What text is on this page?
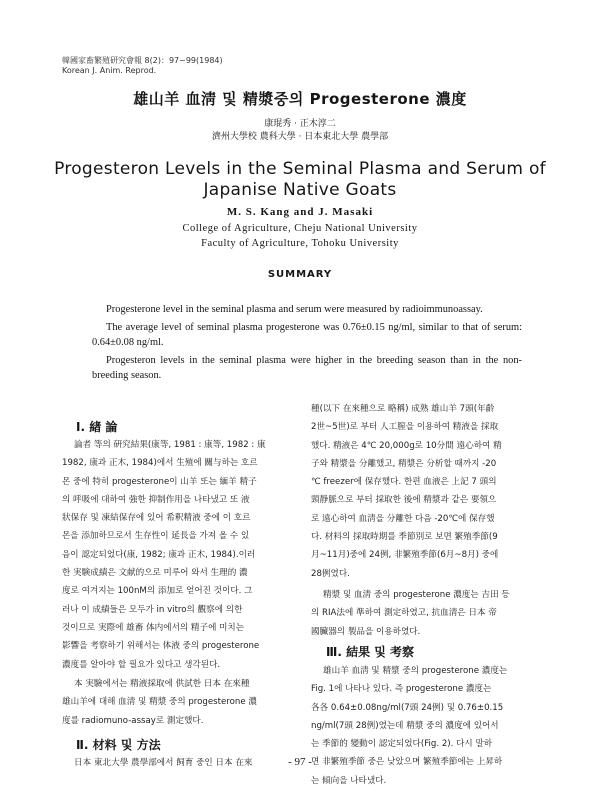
韓國家畜繁殖研究會報 8(2)：97~99(1984)
Korean J. Anim. Reprod.
雄山羊 血淸 및 精漿중의 Progesterone 濃度
康琨秀 · 正木淳二
濟州大學校 農科大學 · 日本東北大學 農學部
Progesteron Levels in the Seminal Plasma and Serum of
Japanise Native Goats
M. S. Kang and J. Masaki
College of Agriculture, Cheju National University
Faculty of Agriculture, Tohoku University
SUMMARY

Progesterone level in the seminal plasma and serum were measured by radioimmunoassay.

The average level of seminal plasma progesterone was 0.76±0.15 ng/ml, similar to that of serum: 0.64±0.08 ng/ml.

Progesteron levels in the seminal plasma were higher in the breeding season than in the non-breeding season.

Ⅰ. 緖 論
論者 等의 硏究結果(康等, 1981 : 康等, 1982 : 康
1982, 康과 正木, 1984)에서 生殖에 關与하는 호르
몬 중에 特히 progesterone이 山羊 또는 緬羊 精子
의 呼吸에 대하여 強한 抑制作用을 나타냈고 또 液
狀保存 및 凍結保存에 있어 希釈精液 중에 이 호르
몬을 添加하므로서 生存性이 延長을 가져 올 수 있
음이 認定되었다(康, 1982; 康과 正木, 1984).이러
한 実験成績은 文献的으로 미루어 와서 生理的 濃
度로 여겨지는 100nM의 添加로 얻어진 것이다. 그
러나 이 成績들은 모두가 in vitro의 觀察에 의한
것이므로 実際에 雄畜 体内에서의 精子에 미치는
影響을 考察하기 위해서는 体液 중의 progesterone
濃度를 알아야 할 필요가 있다고 생각된다.
本 実驗에서는 精液採取에 供試한 日本 在來種
雄山羊에 대해 血淸 및 精漿 중의 progesterone 濃
度를 radiomuno-assay로 測定했다.
Ⅱ. 材料 및 方法
日本 東北大學 農學部에서 飼育 중인 日本 在來
種(以下 在來種으로 略稱) 成熟 雄山羊 7頭(年齡
2世~5世)로 부터 人工膣을 이용하여 精液을 採取
했다. 精液은 4℃ 20,000g로 10分間 遠心하여 精
子와 精漿을 分離했고, 精漿은 分析할 때까지 -20
℃ freezer에 保存했다. 한편 血液은 上記 7 頭의
頸静脈으로 부터 採取한 後에 精漿과 같은 要領으
로 遠心하여 血淸을 分離한 다음 -20℃에 保存했
다. 材料의 採取時期를 季節別로 보면 繁殖季節(9
月~11月)중에 24例, 非繁殖季節(6月~8月) 중에
28例였다.
精漿 및 血淸 중의 progesterone 濃度는 吉田 등
의 RIA法에 準하여 測定하였고, 抗血淸은 日本 帝
國臟器의 製品을 이용하였다.
Ⅲ. 結果 및 考察
雄山羊 血淸 및 精漿 중의 progesterone 濃度는
Fig. 1에 나타나 있다. 즉 progesterone 濃度는
各各 0.64±0.08ng/ml(7頭 24例) 및 0.76±0.15
ng/ml(7頭 28例)였는데 精漿 중의 濃度에 있어서
는 季節的 變動이 認定되었다(Fig. 2). 다시 말하
면 非繁殖季節 중은 낮았으며 繁殖季節에는 上昇하
는 傾向을 나타냈다.
- 97 -
